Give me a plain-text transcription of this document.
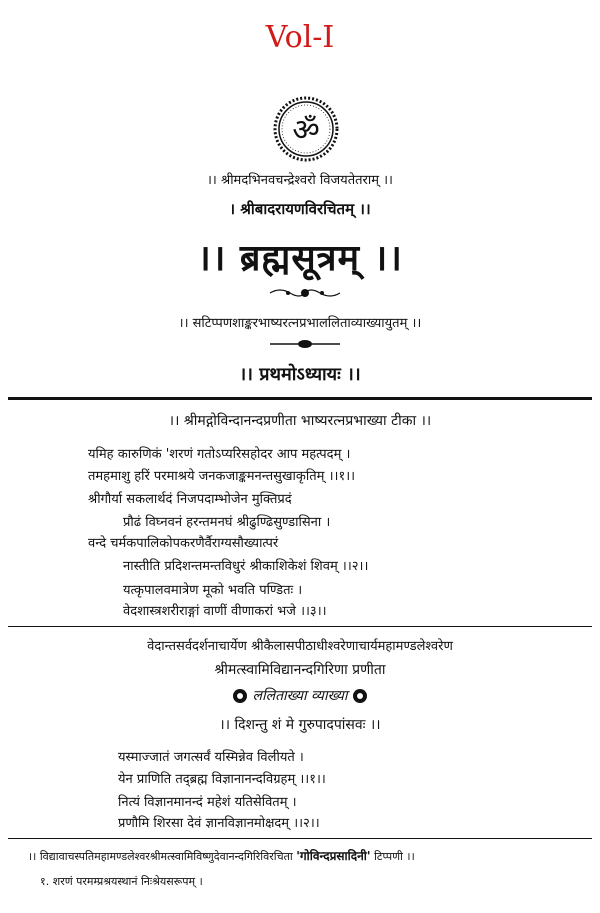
Vol-I
ॐ
।। श्रीमदभिनवचन्द्रेश्वरो विजयतेतराम् ।।
। श्रीबादरायणविरचितम् ।।
।। ब्रह्मसूत्रम् ।।
।। सटिप्पणशाङ्करभाष्यरत्नप्रभाललिताव्याख्यायुतम् ।।
।। प्रथमोऽध्यायः ।।
।। श्रीमद्गोविन्दानन्दप्रणीता भाष्यरत्नप्रभाख्या टीका ।।
यमिह कारुणिकं 'शरणं गतोऽप्यरिसहोदर आप महत्पदम् ।
तमहमाशु हरिं परमाश्रये जनकजाङ्कमनन्तसुखाकृतिम् ।।१।।
श्रीगौर्या सकलार्थदं निजपदाम्भोजेन मुक्तिप्रदं
प्रौढं विघ्नवनं हरन्तमनघं श्रीढुण्ढिसुण्डासिना ।
वन्दे चर्मकपालिकोपकरणैर्वैराग्यसौख्यात्परं
नास्तीति प्रदिशन्तमन्तविधुरं श्रीकाशिकेशं शिवम् ।।२।।
यत्कृपालवमात्रेण मूको भवति पण्डितः ।
वेदशास्त्रशरीराङ्गां वाणीं वीणाकरां भजे ।।३।।
वेदान्तसर्वदर्शनाचार्येण श्रीकैलासपीठाधीश्वरेणाचार्यमहामण्डलेश्वरेण
श्रीमत्स्वामिविद्यानन्दगिरिणा प्रणीता
ललिताख्या व्याख्या
।। दिशन्तु शं मे गुरुपादपांसवः ।।
यस्माज्जातं जगत्सर्वं यस्मिन्नेव विलीयते ।
येन प्राणिति तद्ब्रह्म विज्ञानानन्दविग्रहम् ।।१।।
नित्यं विज्ञानमानन्दं महेशं यतिसेवितम् ।
प्रणौमि शिरसा देवं ज्ञानविज्ञानमोक्षदम् ।।२।।
।। विद्यावाचस्पतिमहामण्डलेश्वरश्रीमत्स्वामिविष्णुदेवानन्दगिरिविरचिता 'गोविन्दप्रसादिनी' टिप्पणी ।।
१. शरणं परमम्प्रश्रयस्थानं निःश्रेयसरूपम् ।
